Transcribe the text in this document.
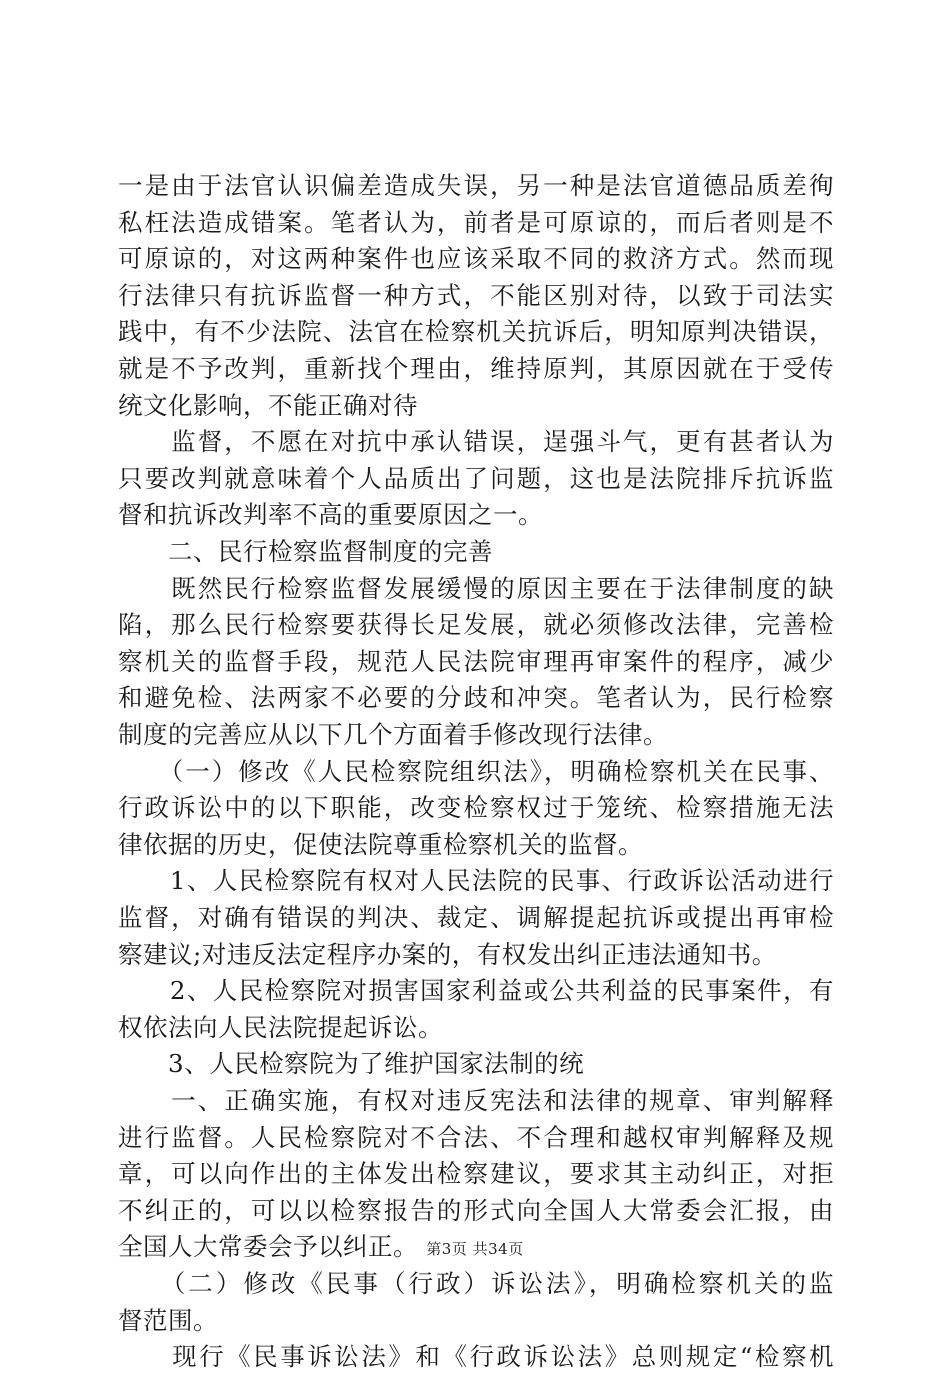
一是由于法官认识偏差造成失误，另一种是法官道德品质差徇
私枉法造成错案。笔者认为，前者是可原谅的，而后者则是不
可原谅的，对这两种案件也应该采取不同的救济方式。然而现
行法律只有抗诉监督一种方式，不能区别对待，以致于司法实
践中，有不少法院、法官在检察机关抗诉后，明知原判决错误，
就是不予改判，重新找个理由，维持原判，其原因就在于受传
统文化影响，不能正确对待
　　监督，不愿在对抗中承认错误，逞强斗气，更有甚者认为
只要改判就意味着个人品质出了问题，这也是法院排斥抗诉监
督和抗诉改判率不高的重要原因之一。
　　二、民行检察监督制度的完善
　　既然民行检察监督发展缓慢的原因主要在于法律制度的缺
陷，那么民行检察要获得长足发展，就必须修改法律，完善检
察机关的监督手段，规范人民法院审理再审案件的程序，减少
和避免检、法两家不必要的分歧和冲突。笔者认为，民行检察
制度的完善应从以下几个方面着手修改现行法律。
　　（一）修改《人民检察院组织法》，明确检察机关在民事、
行政诉讼中的以下职能，改变检察权过于笼统、检察措施无法
律依据的历史，促使法院尊重检察机关的监督。
　　1、人民检察院有权对人民法院的民事、行政诉讼活动进行
监督，对确有错误的判决、裁定、调解提起抗诉或提出再审检
察建议;对违反法定程序办案的，有权发出纠正违法通知书。
　　2、人民检察院对损害国家利益或公共利益的民事案件，有
权依法向人民法院提起诉讼。
　　3、人民检察院为了维护国家法制的统
　　一、正确实施，有权对违反宪法和法律的规章、审判解释
进行监督。人民检察院对不合法、不合理和越权审判解释及规
章，可以向作出的主体发出检察建议，要求其主动纠正，对拒
不纠正的，可以以检察报告的形式向全国人大常委会汇报，由
全国人大常委会予以纠正。
　　（二）修改《民事（行政）诉讼法》，明确检察机关的监
督范围。
　　现行《民事诉讼法》和《行政诉讼法》总则规定“检察机
第3页 共34页
